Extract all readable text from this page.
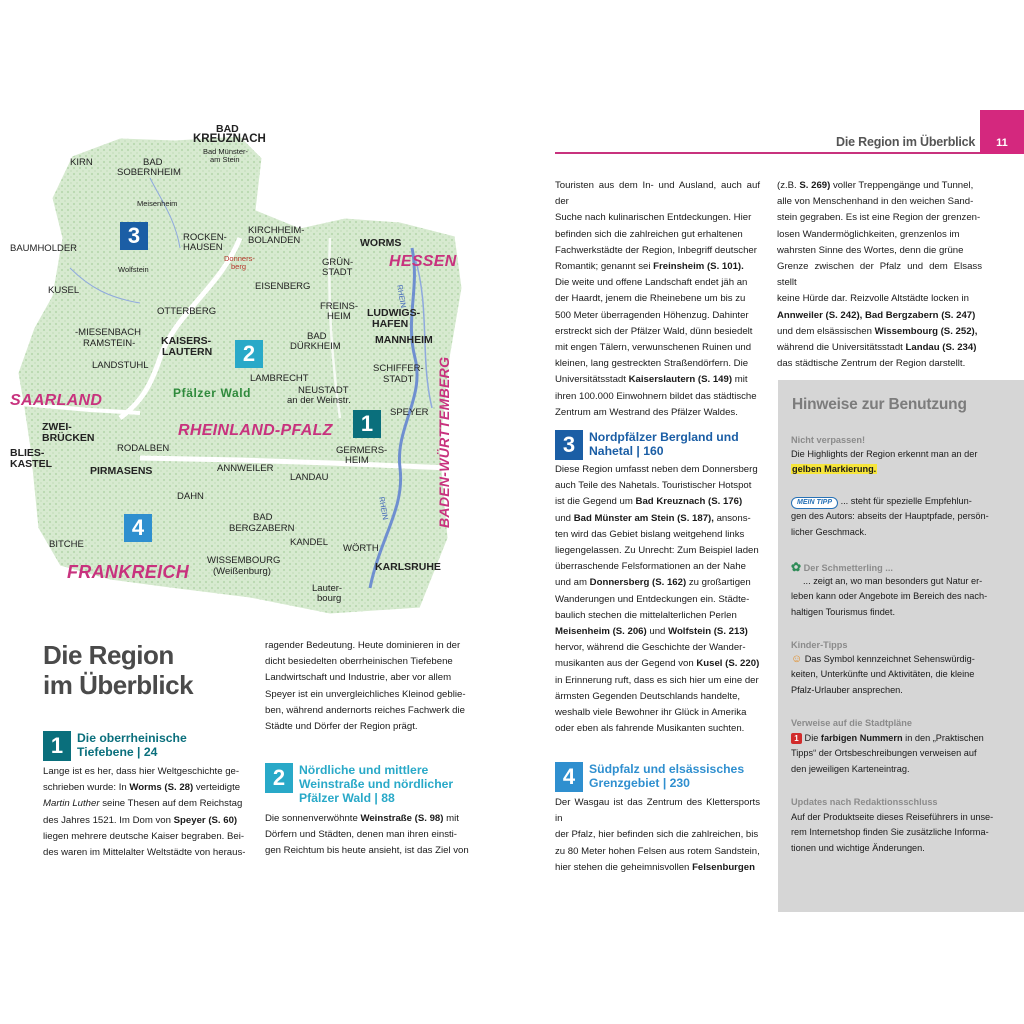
3
2
1
4
HESSEN
SAARLAND
RHEINLAND-PFALZ
FRANKREICH
BADEN-WÜRTTEMBERG
Pfälzer Wald
BAD
KREUZNACH
Bad Münster-
am Stein
KIRN	BAD
SOBERNHEIM
Meisenheim
BAUMHOLDER
Wolfstein
ROCKEN-
HAUSEN
KIRCHHEIM-
BOLANDEN
Donners-
berg
WORMS
GRÜN-
STADT
KUSEL	EISENBERG
OTTERBERG	FREINS-
HEIM LUDWIGS-
HAFEN
-MIESENBACH
RAMSTEIN- KAISERS-
LAUTERN
BAD
DÜRKHEIM
MANNHEIM
LANDSTUHL	SCHIFFER-
STADT
LAMBRECHT
NEUSTADT
an der Weinstr.
SPEYER
ZWEI-
BRÜCKEN
RODALBEN	GERMERS-
HEIM
BLIES-
KASTEL
PIRMASENS	ANNWEILER
LANDAU
DAHN
BAD
BERGZABERN
KANDEL
WÖRTH
BITCHE
WISSEMBOURG
(Weißenburg)	KARLSRUHE
Lauter-
bourg
RHEIN
RHEIN
Die Region
im Überblick
1	Die oberrheinische
Tiefebene | 24
Lange ist es her, dass hier Weltgeschichte ge-
schrieben wurde: In Worms (S. 28) verteidigte
Martin Luther seine Thesen auf dem Reichstag
des Jahres 1521. Im Dom von Speyer (S. 60)
liegen mehrere deutsche Kaiser begraben. Bei-
des waren im Mittelalter Weltstädte von heraus-
ragender Bedeutung. Heute dominieren in der
dicht besiedelten oberrheinischen Tiefebene
Landwirtschaft und Industrie, aber vor allem
Speyer ist ein unvergleichliches Kleinod geblie-
ben, während andernorts reiches Fachwerk die
Städte und Dörfer der Region prägt.
2	Nördliche und mittlere
Weinstraße und nördlicher
Pfälzer Wald | 88
Die sonnenverwöhnte Weinstraße (S. 98) mit
Dörfern und Städten, denen man ihren einsti-
gen Reichtum bis heute ansieht, ist das Ziel von
11
Die Region im Überblick
Touristen aus dem In- und Ausland, auch auf der
Suche nach kulinarischen Entdeckungen. Hier
befinden sich die zahlreichen gut erhaltenen
Fachwerkstädte der Region, Inbegriff deutscher
Romantik; genannt sei Freinsheim (S. 101).
Die weite und offene Landschaft endet jäh an
der Haardt, jenem die Rheinebene um bis zu
500 Meter überragenden Höhenzug. Dahinter
erstreckt sich der Pfälzer Wald, dünn besiedelt
mit engen Tälern, verwunschenen Ruinen und
kleinen, lang gestreckten Straßendörfern. Die
Universitätsstadt Kaiserslautern (S. 149) mit
ihren 100.000 Einwohnern bildet das städtische
Zentrum am Westrand des Pfälzer Waldes.
3	Nordpfälzer Bergland und
Nahetal | 160
Diese Region umfasst neben dem Donnersberg
auch Teile des Nahetals. Touristischer Hotspot
ist die Gegend um Bad Kreuznach (S. 176)
und Bad Münster am Stein (S. 187), ansons-
ten wird das Gebiet bislang weitgehend links
liegengelassen. Zu Unrecht: Zum Beispiel laden
überraschende Felsformationen an der Nahe
und am Donnersberg (S. 162) zu großartigen
Wanderungen und Entdeckungen ein. Städte-
baulich stechen die mittelalterlichen Perlen
Meisenheim (S. 206) und Wolfstein (S. 213)
hervor, während die Geschichte der Wander-
musikanten aus der Gegend von Kusel (S. 220)
in Erinnerung ruft, dass es sich hier um eine der
ärmsten Gegenden Deutschlands handelte,
weshalb viele Bewohner ihr Glück in Amerika
oder eben als fahrende Musikanten suchten.
4	Südpfalz und elsässisches
Grenzgebiet | 230
Der Wasgau ist das Zentrum des Klettersports in
der Pfalz, hier befinden sich die zahlreichen, bis
zu 80 Meter hohen Felsen aus rotem Sandstein,
hier stehen die geheimnisvollen Felsenburgen
(z.B. S. 269) voller Treppengänge und Tunnel,
alle von Menschenhand in den weichen Sand-
stein gegraben. Es ist eine Region der grenzen-
losen Wandermöglichkeiten, grenzenlos im
wahrsten Sinne des Wortes, denn die grüne
Grenze zwischen der Pfalz und dem Elsass stellt
keine Hürde dar. Reizvolle Altstädte locken in
Annweiler (S. 242), Bad Bergzabern (S. 247)
und dem elsässischen Wissembourg (S. 252),
während die Universitätsstadt Landau (S. 234)
das städtische Zentrum der Region darstellt.
Hinweise zur Benutzung
Nicht verpassen!
Die Highlights der Region erkennt man an der
gelben Markierung.
MEIN TIPP ... steht für spezielle Empfehlun-
gen des Autors: abseits der Hauptpfade, persön-
licher Geschmack.
✿ Der Schmetterling ...
... zeigt an, wo man besonders gut Natur er-
leben kann oder Angebote im Bereich des nach-
haltigen Tourismus findet.
Kinder-Tipps
☺ Das Symbol kennzeichnet Sehenswürdig-
keiten, Unterkünfte und Aktivitäten, die kleine
Pfalz-Urlauber ansprechen.
Verweise auf die Stadtpläne
1 Die farbigen Nummern in den „Praktischen
Tipps“ der Ortsbeschreibungen verweisen auf
den jeweiligen Karteneintrag.
Updates nach Redaktionsschluss
Auf der Produktseite dieses Reiseführers in unse-
rem Internetshop finden Sie zusätzliche Informa-
tionen und wichtige Änderungen.
